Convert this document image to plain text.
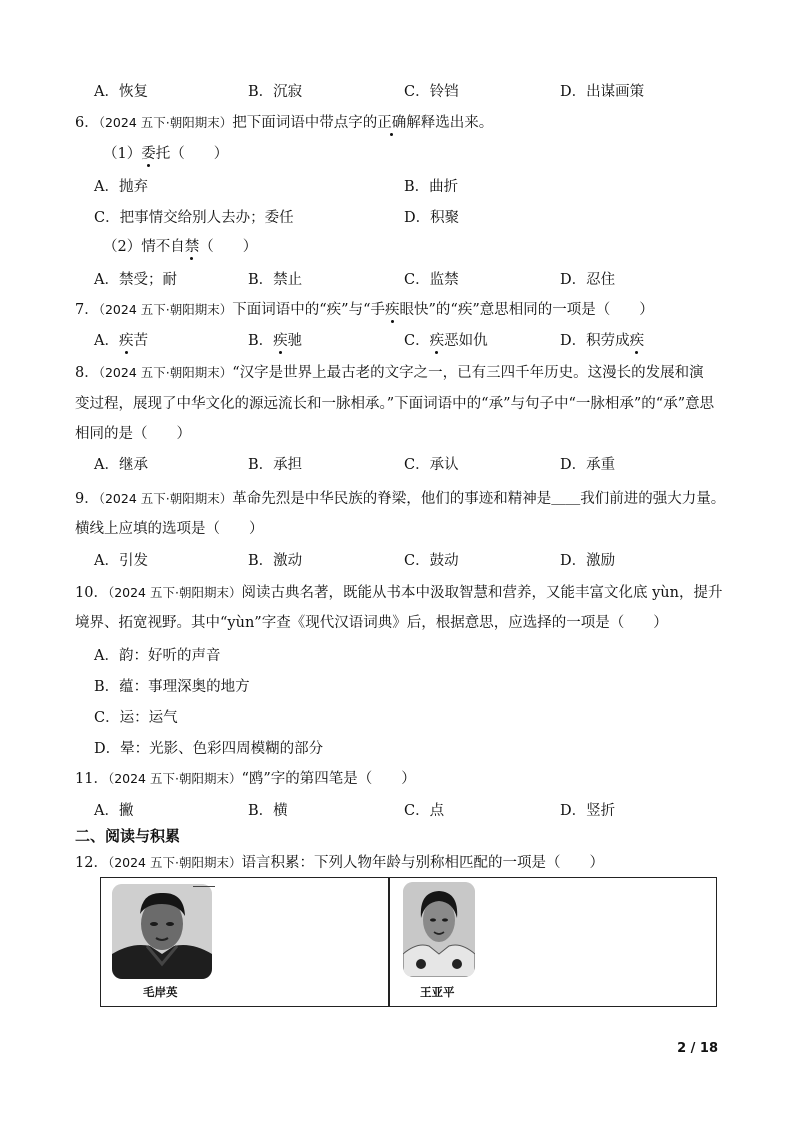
A．恢复	B．沉寂	C．铃铛	D．出谋画策
6．（2024 五下·朝阳期末）把下面词语中带点字的正确解释选出来。
（1）委托（　　）
A．抛弃	B．曲折
C．把事情交给别人去办；委任	D．积聚
（2）情不自禁（　　）
A．禁受；耐	B．禁止	C．监禁	D．忍住
7．（2024 五下·朝阳期末）下面词语中的“疾”与“手疾眼快”的“疾”意思相同的一项是（　　）
A．疾苦	B．疾驰	C．疾恶如仇	D．积劳成疾
8．（2024 五下·朝阳期末）“汉字是世界上最古老的文字之一，已有三四千年历史。这漫长的发展和演
变过程，展现了中华文化的源远流长和一脉相承。”下面词语中的“承”与句子中“一脉相承”的“承”意思
相同的是（　　）
A．继承	B．承担	C．承认	D．承重
9．（2024 五下·朝阳期末）革命先烈是中华民族的脊梁，他们的事迹和精神是＿＿我们前进的强大力量。
横线上应填的选项是（　　）
A．引发	B．激动	C．鼓动	D．激励
10．（2024 五下·朝阳期末）阅读古典名著，既能从书本中汲取智慧和营养，又能丰富文化底 yùn，提升
境界、拓宽视野。其中“yùn”字查《现代汉语词典》后，根据意思，应选择的一项是（　　）
A．韵：好听的声音
B．蕴：事理深奥的地方
C．运：运气
D．晕：光影、色彩四周模糊的部分
11．（2024 五下·朝阳期末）“鸥”字的第四笔是（　　）
A．撇	B．横	C．点	D．竖折
二、阅读与积累
12．（2024 五下·朝阳期末）语言积累：下列人物年龄与别称相匹配的一项是（　　）
毛岸英	王亚平
2 / 18
